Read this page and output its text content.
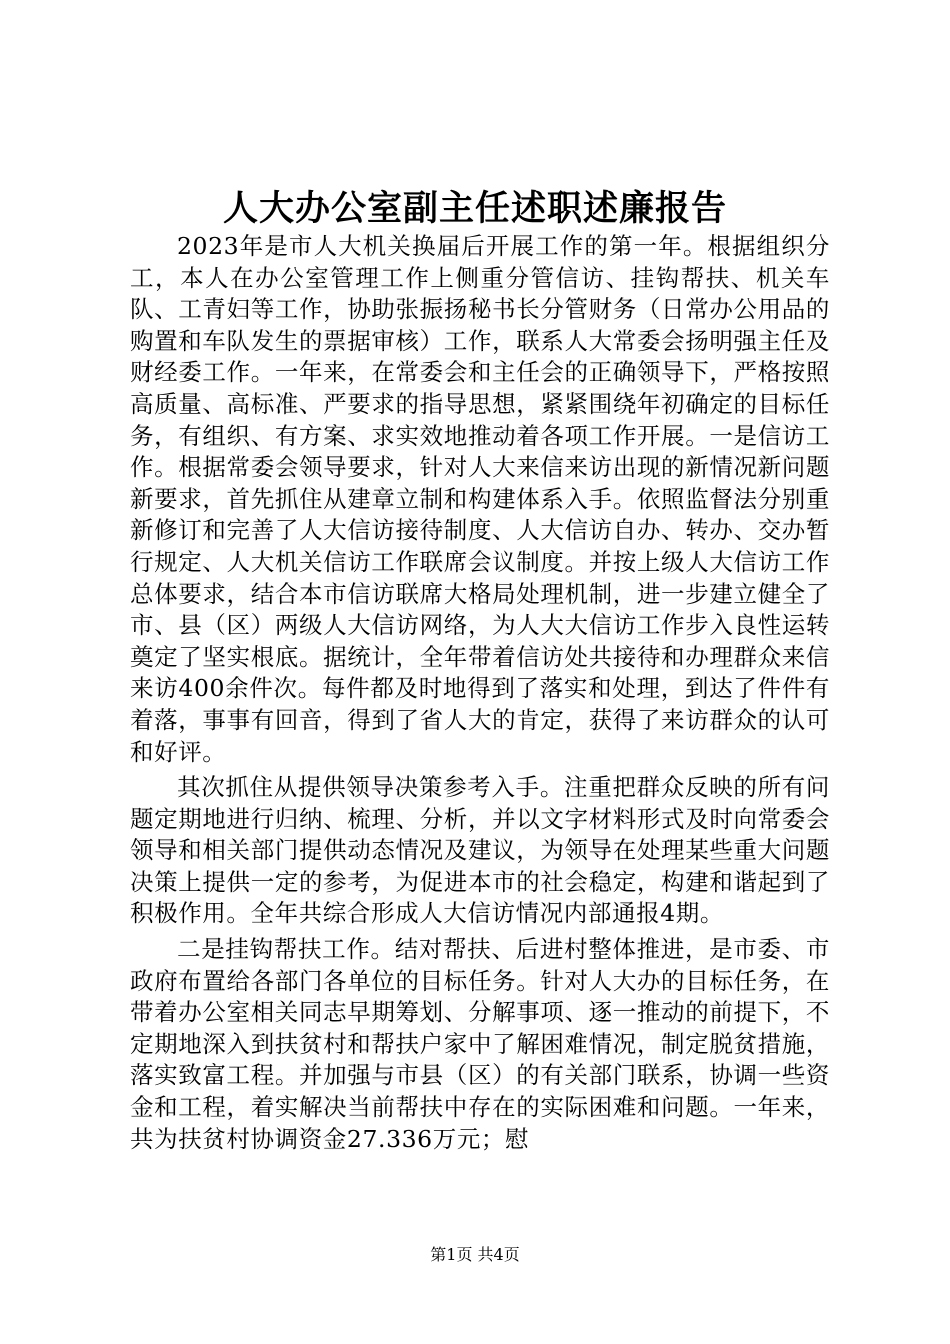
人大办公室副主任述职述廉报告

2023年是市人大机关换届后开展工作的第一年。根据组织分工，本人在办公室管理工作上侧重分管信访、挂钩帮扶、机关车队、工青妇等工作，协助张振扬秘书长分管财务（日常办公用品的购置和车队发生的票据审核）工作，联系人大常委会扬明强主任及财经委工作。一年来，在常委会和主任会的正确领导下，严格按照高质量、高标准、严要求的指导思想，紧紧围绕年初确定的目标任务，有组织、有方案、求实效地推动着各项工作开展。一是信访工作。根据常委会领导要求，针对人大来信来访出现的新情况新问题新要求，首先抓住从建章立制和构建体系入手。依照监督法分别重新修订和完善了人大信访接待制度、人大信访自办、转办、交办暂行规定、人大机关信访工作联席会议制度。并按上级人大信访工作总体要求，结合本市信访联席大格局处理机制，进一步建立健全了市、县（区）两级人大信访网络，为人大大信访工作步入良性运转奠定了坚实根底。据统计，全年带着信访处共接待和办理群众来信来访400余件次。每件都及时地得到了落实和处理，到达了件件有着落，事事有回音，得到了省人大的肯定，获得了来访群众的认可和好评。

其次抓住从提供领导决策参考入手。注重把群众反映的所有问题定期地进行归纳、梳理、分析，并以文字材料形式及时向常委会领导和相关部门提供动态情况及建议，为领导在处理某些重大问题决策上提供一定的参考，为促进本市的社会稳定，构建和谐起到了积极作用。全年共综合形成人大信访情况内部通报4期。

二是挂钩帮扶工作。结对帮扶、后进村整体推进，是市委、市政府布置给各部门各单位的目标任务。针对人大办的目标任务，在带着办公室相关同志早期筹划、分解事项、逐一推动的前提下，不定期地深入到扶贫村和帮扶户家中了解困难情况，制定脱贫措施，落实致富工程。并加强与市县（区）的有关部门联系，协调一些资金和工程，着实解决当前帮扶中存在的实际困难和问题。一年来，共为扶贫村协调资金27.336万元；慰

第1页 共4页
